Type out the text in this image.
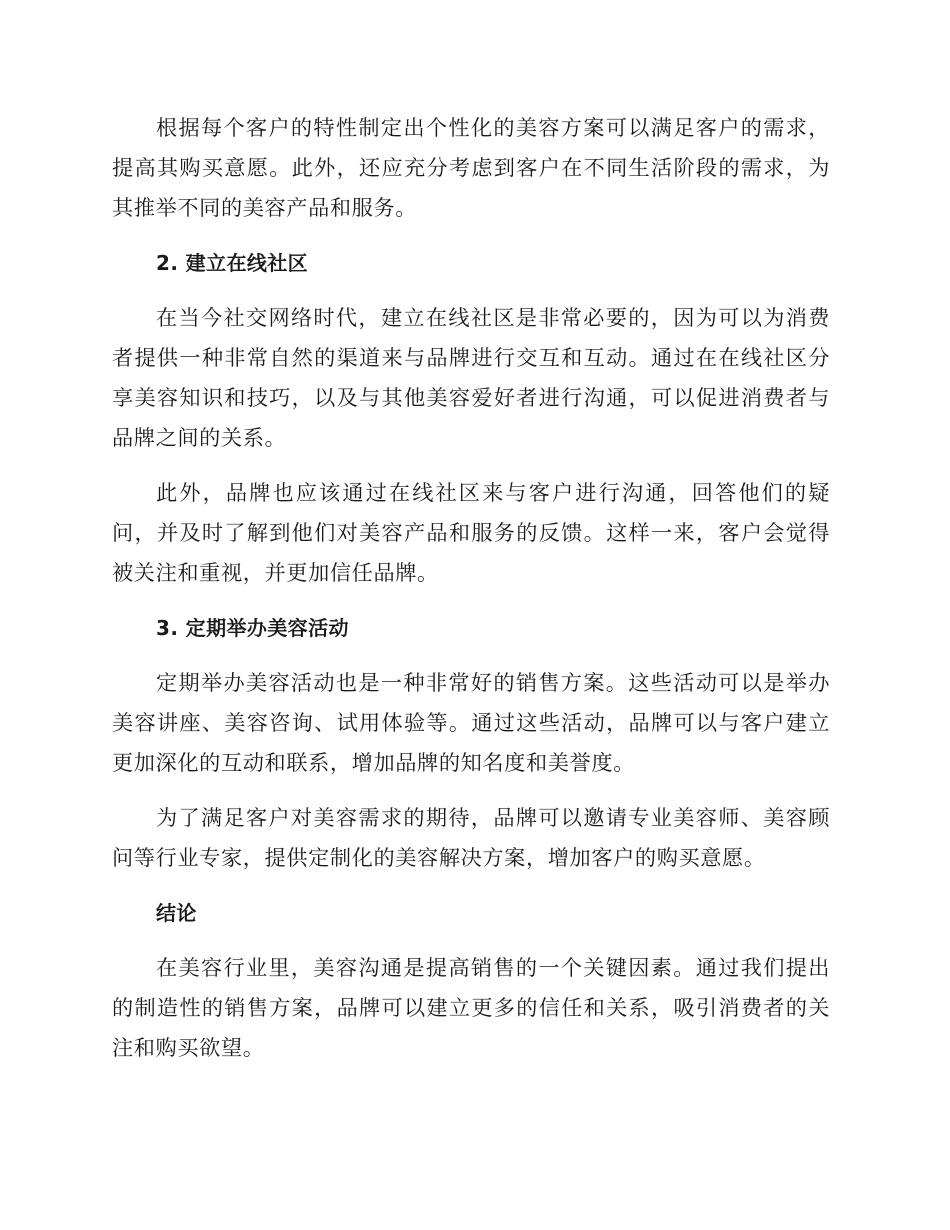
根据每个客户的特性制定出个性化的美容方案可以满足客户的需求，提高其购买意愿。此外，还应充分考虑到客户在不同生活阶段的需求，为其推举不同的美容产品和服务。

2. 建立在线社区

在当今社交网络时代，建立在线社区是非常必要的，因为可以为消费者提供一种非常自然的渠道来与品牌进行交互和互动。通过在在线社区分享美容知识和技巧，以及与其他美容爱好者进行沟通，可以促进消费者与品牌之间的关系。

此外，品牌也应该通过在线社区来与客户进行沟通，回答他们的疑问，并及时了解到他们对美容产品和服务的反馈。这样一来，客户会觉得被关注和重视，并更加信任品牌。

3. 定期举办美容活动

定期举办美容活动也是一种非常好的销售方案。这些活动可以是举办美容讲座、美容咨询、试用体验等。通过这些活动，品牌可以与客户建立更加深化的互动和联系，增加品牌的知名度和美誉度。

为了满足客户对美容需求的期待，品牌可以邀请专业美容师、美容顾问等行业专家，提供定制化的美容解决方案，增加客户的购买意愿。

结论

在美容行业里，美容沟通是提高销售的一个关键因素。通过我们提出的制造性的销售方案，品牌可以建立更多的信任和关系，吸引消费者的关注和购买欲望。
